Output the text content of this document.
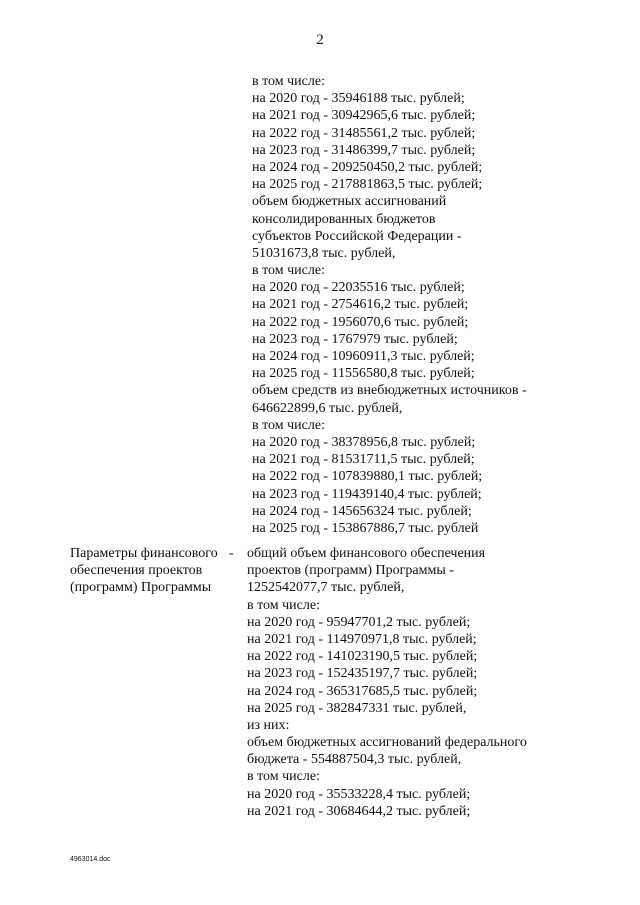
2
в том числе:
на 2020 год - 35946188 тыс. рублей;
на 2021 год - 30942965,6 тыс. рублей;
на 2022 год - 31485561,2 тыс. рублей;
на 2023 год - 31486399,7 тыс. рублей;
на 2024 год - 209250450,2 тыс. рублей;
на 2025 год - 217881863,5 тыс. рублей;
объем бюджетных ассигнований
консолидированных бюджетов
субъектов Российской Федерации -
51031673,8 тыс. рублей,
в том числе:
на 2020 год - 22035516 тыс. рублей;
на 2021 год - 2754616,2 тыс. рублей;
на 2022 год - 1956070,6 тыс. рублей;
на 2023 год - 1767979 тыс. рублей;
на 2024 год - 10960911,3 тыс. рублей;
на 2025 год - 11556580,8 тыс. рублей;
объем средств из внебюджетных источников -
646622899,6 тыс. рублей,
в том числе:
на 2020 год - 38378956,8 тыс. рублей;
на 2021 год - 81531711,5 тыс. рублей;
на 2022 год - 107839880,1 тыс. рублей;
на 2023 год - 119439140,4 тыс. рублей;
на 2024 год - 145656324 тыс. рублей;
на 2025 год - 153867886,7 тыс. рублей
Параметры финансового обеспечения проектов (программ) Программы
- общий объем финансового обеспечения
проектов (программ) Программы -
1252542077,7 тыс. рублей,
в том числе:
на 2020 год - 95947701,2 тыс. рублей;
на 2021 год - 114970971,8 тыс. рублей;
на 2022 год - 141023190,5 тыс. рублей;
на 2023 год - 152435197,7 тыс. рублей;
на 2024 год - 365317685,5 тыс. рублей;
на 2025 год - 382847331 тыс. рублей,
из них:
объем бюджетных ассигнований федерального
бюджета - 554887504,3 тыс. рублей,
в том числе:
на 2020 год - 35533228,4 тыс. рублей;
на 2021 год - 30684644,2 тыс. рублей;
4963014.doc
